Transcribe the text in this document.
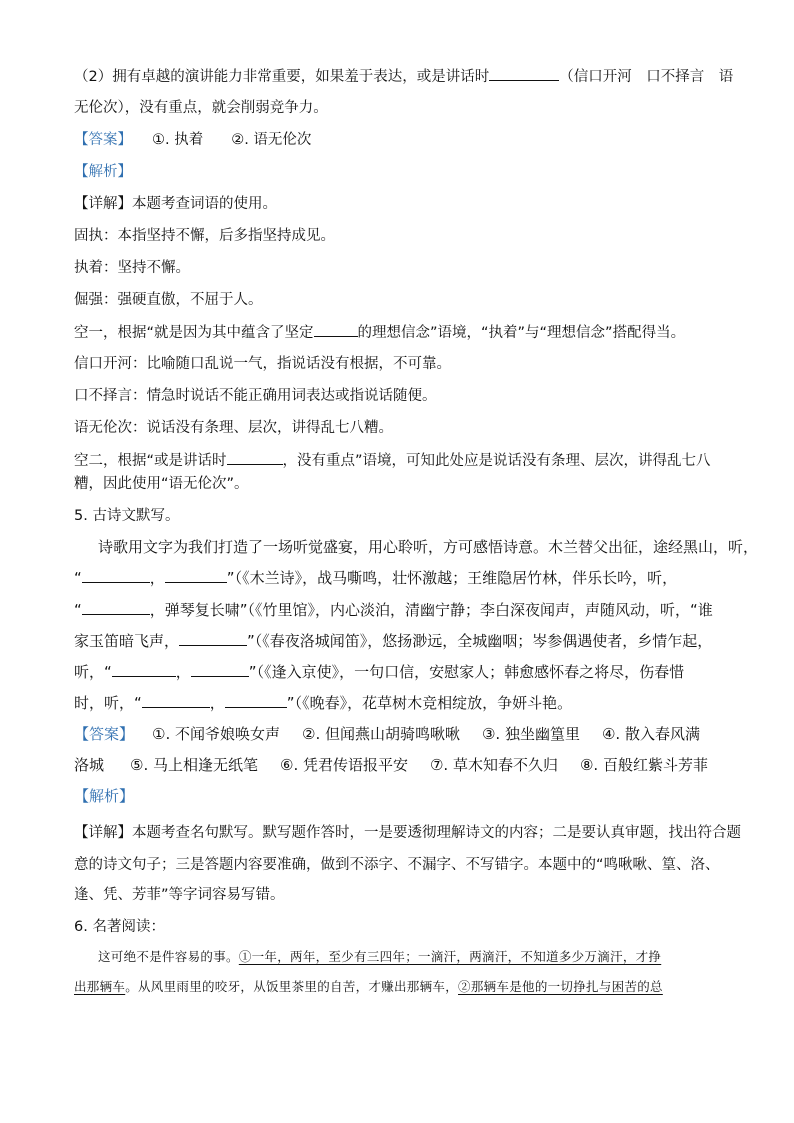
（2）拥有卓越的演讲能力非常重要，如果羞于表达，或是讲话时	（信口开河　口不择言　语
无伦次），没有重点，就会削弱竞争力。
【答案】 ①. 执着 ②. 语无伦次
【解析】
【详解】本题考查词语的使用。
固执：本指坚持不懈，后多指坚持成见。
执着：坚持不懈。
倔强：强硬直傲，不屈于人。
空一，根据“就是因为其中蕴含了坚定	的理想信念”语境，“执着”与“理想信念”搭配得当。
信口开河：比喻随口乱说一气，指说话没有根据，不可靠。
口不择言：情急时说话不能正确用词表达或指说话随便。
语无伦次：说话没有条理、层次，讲得乱七八糟。
空二，根据“或是讲话时	，没有重点”语境，可知此处应是说话没有条理、层次，讲得乱七八
糟，因此使用“语无伦次”。
5. 古诗文默写。
诗歌用文字为我们打造了一场听觉盛宴，用心聆听，方可感悟诗意。木兰替父出征，途经黑山，听，
“	，	”（《木兰诗》，战马嘶鸣，壮怀激越；王维隐居竹林，伴乐长吟，听，
“	，弹琴复长啸”（《竹里馆》，内心淡泊，清幽宁静；李白深夜闻声，声随风动，听，“谁
家玉笛暗飞声，	”（《春夜洛城闻笛》，悠扬渺远，全城幽咽；岑参偶遇使者，乡情乍起，
听，“	，	”（《逢入京使》，一句口信，安慰家人；韩愈感怀春之将尽，伤春惜
时，听，“	，	”（《晚春》，花草树木竞相绽放，争妍斗艳。
【答案】 ①. 不闻爷娘唤女声 ②. 但闻燕山胡骑鸣啾啾 ③. 独坐幽篁里 ④. 散入春风满
洛城 ⑤. 马上相逢无纸笔 ⑥. 凭君传语报平安 ⑦. 草木知春不久归 ⑧. 百般红紫斗芳菲
【解析】
【详解】本题考查名句默写。默写题作答时，一是要透彻理解诗文的内容；二是要认真审题，找出符合题
意的诗文句子；三是答题内容要准确，做到不添字、不漏字、不写错字。本题中的“鸣啾啾、篁、洛、
逢、凭、芳菲”等字词容易写错。
6. 名著阅读：
这可绝不是件容易的事。①一年，两年，至少有三四年；一滴汗，两滴汗，不知道多少万滴汗，才挣
出那辆车。从风里雨里的咬牙，从饭里茶里的自苦，才赚出那辆车，②那辆车是他的一切挣扎与困苦的总
